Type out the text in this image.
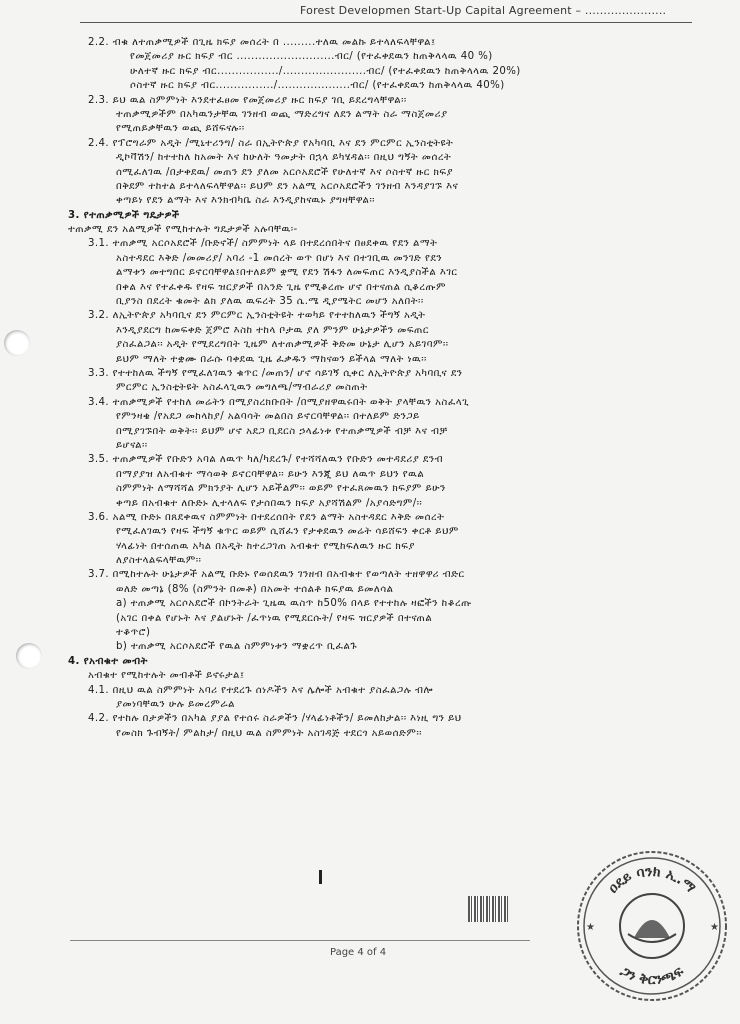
Forest Developmen Start-Up Capital Agreement – ......................
2.2. ብቁ ለተጠቃሚዎች በጊዜ ክፍያ መሰረት በ .........ተለዉ መልኩ ይተላለፍላቸዋል፤
የመጀመሪያ ዙር ክፍያ ብር ...........................ብር/ (የተፈቀደዉን ከጠቅላላዉ 40 %)
ሁለተኛ ዙር ክፍያ ብር................./.......................ብር/ (የተፈቀደዉን ከጠቅላላዉ 20%)
ሶስተኛ ዙር ክፍያ ብር................/....................ብር/ (የተፈቀደዉን ከጠቅላላዉ 40%)
2.3. ይህ ዉል ስምምነት እንደተፈፀመ የመጀመሪያ ዙር ክፍያ ገቢ ይደረግላቸዋል፡፡
ተጠቃሚዎችም በአካዉንታቸዉ ገንዘብ ወጪ ማድረግና ለደን ልማት ስራ ማስጀመሪያ
የሚጠይቃቸዉን ወጪ ይሸፍናሉ፡፡
2.4. የፕሮግራም አዲት /ሚኒተሪንግ/ ስራ በኢትዮጵያ የአካባቢ እና ደን ምርምር ኢንስቲትዩት
ዲኮቫሽን/ ከተተከለ ከአመት እና ከሁለት ዓመታት በኋላ ይካሄዳል፡፡ በዚህ ግኝት መሰረት
ሰሚፈለገዉ /በታቀደዉ/ መጠን ደን ያለመ አርሶአደሮች የሁለተኛ እና ሶስተኛ ዙር ክፍያ
በቅደም ተከተል ይተላለፍላቸዋል፡፡ ይህም ደን አልሚ አርሶአደሮችን ገንዘብ እንዳያገኙ እና
ቀጣይነ የደን ልማት እና እንክብካቤ ስራ እንዲያከናዉኑ ያግዛቸዋል፡፡
3. የተጠቃሚዎች ግዴታዎች
ተጠቃሚ ደን አልሚዎች የሚከተሉት ግዴታዎች አሉባቸዉ፡-
3.1. ተጠቃሚ አርሶአደሮች /ቡድኖች/ ስምምነት ላይ በተደረሰበትና በፀደቀዉ የደን ልማት
አስተዳደር እቅድ /መመሪያ/ አባሪ -1 መሰረት ወጥ በሆነ እና በተገቢዉ መንገድ የደን
ልማቱን መተግበር ይኖርባቸዋል፤በተለይም ቋሚ የደን ሽፋን ለመፍጠር እንዲያስችል እገር
በቀል እና የተፈቀዱ የዛፍ ዝርያዎች በአንድ ጊዜ የሚቆረጡ ሆኖ በተናጠል ሲቆረጡም
ቢያንስ በደረት ቁመት ልክ ያለዉ ዉፍረት 35 ሴ.ሜ ዲያሜትር መሆን አለበት፡፡
3.2. ለኢትዮጵያ አካባቢና ደን ምርምር ኢንስቲትዩት ተወካይ የተተከለዉን ችግኝ አዲት
እንዲያደርግ ከመፍቀድ ጀምሮ እስከ ተከላ ቦታዉ ያለ ምንም ሁኔታዎችን መፍጠር
ያስፈልጋል፡፡ አዲት የሚደረግበት ጊዜም ለተጠቃሚዎች ቅድመ ሁኔታ ሊሆን አይገባም፡፡
ይህም ማለት ተቋሙ በራሱ ባቀደዉ ጊዜ ፈቃዱን ማከናወን ይችላል ማለት ነዉ፡፡
3.3. የተተከለዉ ችግኝ የሚፈለገዉን ቁጥር /መጠን/ ሆኖ ሳይገኝ ሲቀር ለኢትዮጵያ አካባቢና ደን
ምርምር ኢንስቲትዩት አስፈላጊዉን መግለጫ/ማብራሪያ መስጠት
3.4. ተጠቃሚዎች የተከለ መሬትን በሚያስረክቡበት /በሚያዘዋዉሩበት ወቅት ያላቸዉን አስፈላጊ
የምንዛቄ /የአደጋ መከላከያ/ አልባሳት መልበስ ይኖርባቸዋል፡፡ በተለይም ድንጋይ
በሚያገኙበት ወቅት፡፡ ይህም ሆኖ አደጋ ቢደርስ ኃላፊነቱ የተጠቃሚዎች ብቻ እና ብቻ
ይሆናል፡፡
3.5. ተጠቃሚዎች የቡድን አባል ለዉጥ ካለ/ካደረጉ/ የተሻሻለዉን የቡድን መተዳደሪያ ደንብ
በማያያዝ ለአብቁተ ማሳወቅ ይኖርባቸዋል፡፡ ይሁን እንጂ ይህ ለዉጥ ይህን የዉል
ስምምነት ለማሻሻል ምክንያት ሊሆን አይችልም፡፡ ወይም የተፈጸመዉን ክፍያም ይሁን
ቀጣይ በአብቁተ ለቡድኑ ሊተላለፍ የታሰበዉን ክፍያ አያሻሽልም /አያሳድግም/፡፡
3.6. አልሚ ቡድኑ በጸደቀዉና ስምምነት በተደረሰበት የደን ልማት አስተዳደር እቅድ መሰረት
የሚፈለገዉን የዛፍ ችግኝ ቁጥር ወይም ሲሸፈን የታቀደዉን መሬት ሳይሸፍን ቀርቶ ይህም
ሃላፊነት በተሰጠዉ አካል በአዲት ከተረጋገጠ አብቁተ የሚከፍለዉን ዙር ክፍያ
ለያስተላልፍላቸዉም፡፡
3.7. በሚከተሉት ሁኔታዎች አልሚ ቡድኑ የወሰደዉን ገንዘብ በአብቁተ የወጣለት ተዘዋዋሪ ብድር
ወለድ መጣኔ (8% (ስምንት በመቶ) በአመት ተሰልቶ ክፍያዉ ይመለሳል
a) ተጠቃሚ አርሶአደሮች በኮንትራት ጊዜዉ ዉስጥ ከ50% በላይ የተተከሉ ዛፎችን ከቆረጡ
(አገር በቀል የሆኑት እና ያልሆኑት /ፈጥነዉ የሚደርሱት/ የዛፍ ዝርያዎች በተናጠል
ተቆጥሮ)
b) ተጠቃሚ አርሶአደሮች የዉል ስምምነቱን ማቋረጥ ቢፈልጉ
4. የአብቁተ መብት
አብቁተ የሚከተሉት መብቶች ይኖሩታል፤
4.1. በዚህ ዉል ስምምነት አባሪ የተደረጉ ሰነዶችን እና ሌሎች አብቁተ ያስፈልጋሉ ብሎ
ያመነባቸዉን ሁሉ ይመረምራል
4.2. የተከሉ በታዎችን በአካል ያያል የተሰሩ ስራዎችን /ሃላፊነቶችን/ ይመለከታል፡፡ እነዚ ግን ይህ
የመስክ ጉብኝት/ ምልከታ/ በዚህ ዉል ስምምነት አስገዳጅ ተደርጎ አይወሰድም፡፡
Page 4 of 4
ዐደይ ባንክ ኢ.ማ
ጋን ቅርንጫፍ
★	★
